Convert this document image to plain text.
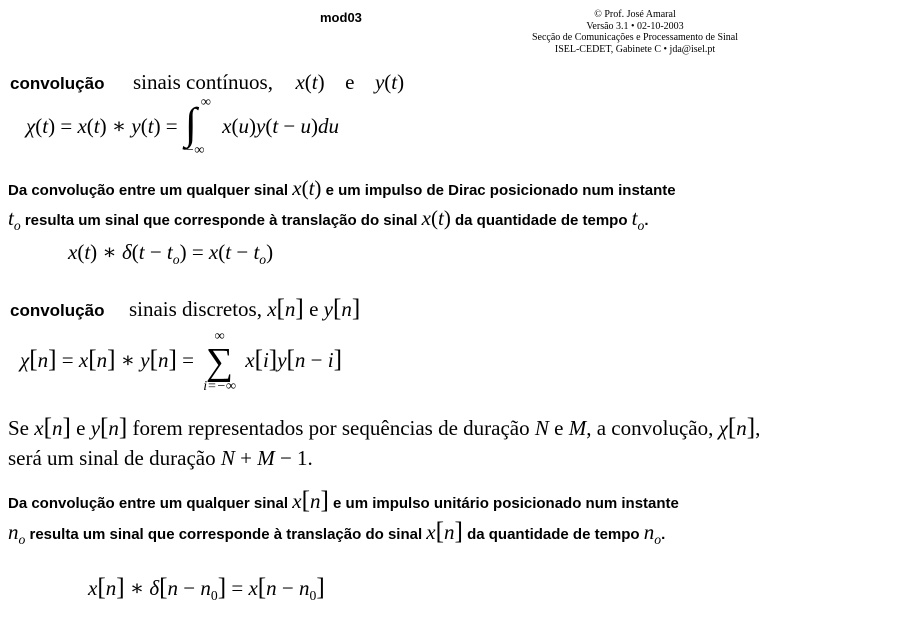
mod03	© Prof. José Amaral
Versão 3.1 • 02-10-2003
Secção de Comunicações e Processamento de Sinal
ISEL-CEDET, Gabinete C • jda@isel.pt
convolução sinais contínuos, x(t) e y(t)
χ(t) = x(t) ∗ y(t) = ∫ ∞
−∞
x(u)y(t − u)du
Da convolução entre um qualquer sinal x(t) e um impulso de Dirac posicionado num instante
$t_o$ resulta um sinal que corresponde à translação do sinal x(t) da quantidade de tempo $t_o$.
x(t) ∗ $\delta(t - t_o) = x(t - t_o)$
convolução sinais discretos, x[n] e y[n]
χ[n] = x[n] ∗ y[n] =
∞
∑
i=−∞
x[i]y[n − i]
Se x[n] e y[n] forem representados por sequências de duração N e M, a convolução, χ[n],
será um sinal de duração N + M − 1.
Da convolução entre um qualquer sinal x[n] e um impulso unitário posicionado num instante
$n_o$ resulta um sinal que corresponde à translação do sinal x[n] da quantidade de tempo $n_o$.
x[n] ∗ $\delta[n - n_0] = x[n - n_0]$
